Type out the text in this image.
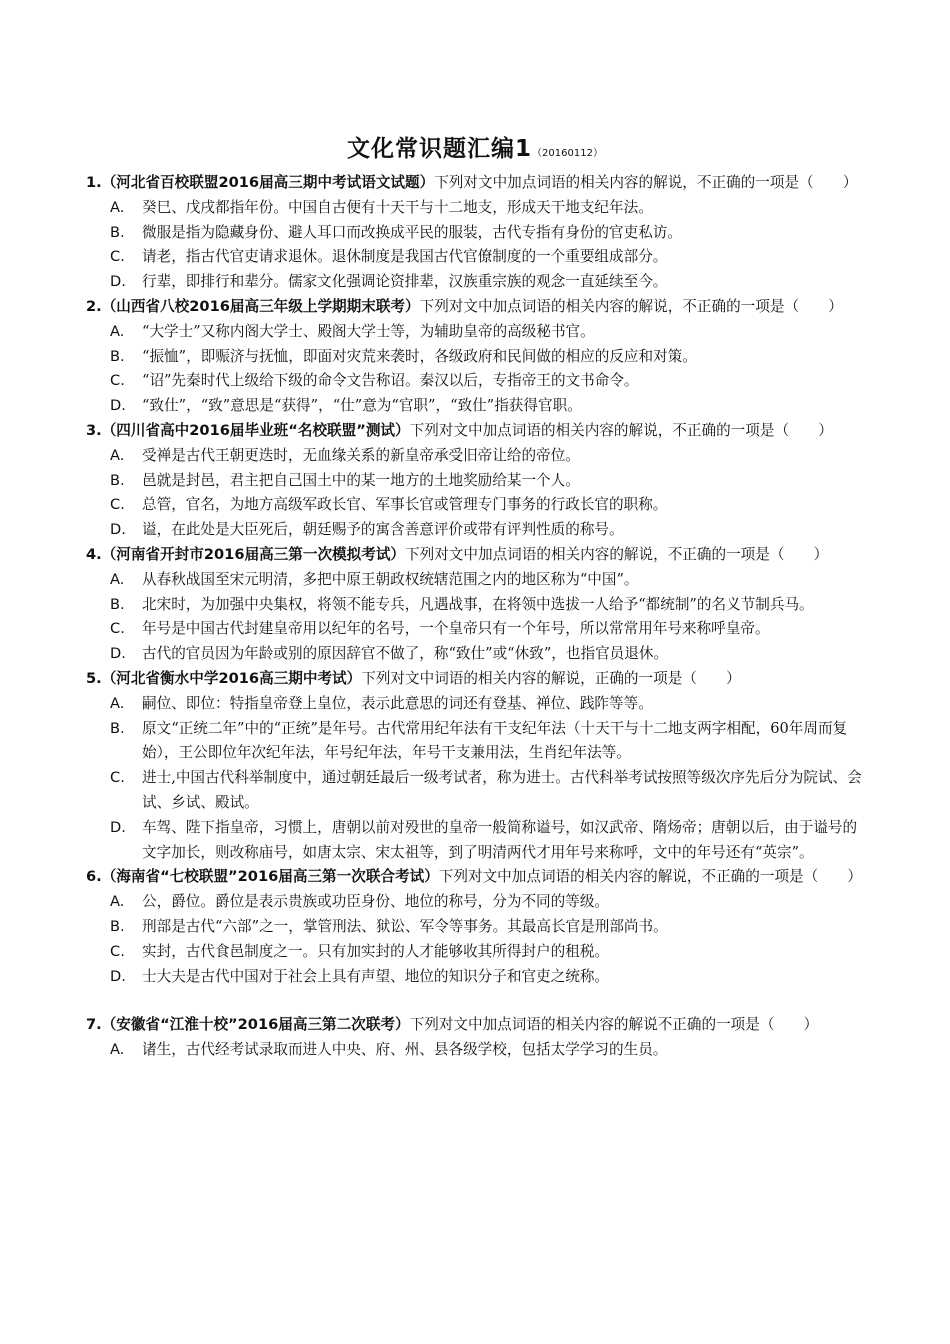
文化常识题汇编1（20160112）
1.（河北省百校联盟2016届高三期中考试语文试题）下列对文中加点词语的相关内容的解说，不正确的一项是（　　）
A. 癸巳、戊戌都指年份。中国自古便有十天干与十二地支，形成天干地支纪年法。
B. 微服是指为隐藏身份、避人耳口而改换成平民的服装，古代专指有身份的官吏私访。
C. 请老，指古代官吏请求退休。退休制度是我国古代官僚制度的一个重要组成部分。
D. 行辈，即排行和辈分。儒家文化强调论资排辈，汉族重宗族的观念一直延续至今。
2.（山西省八校2016届高三年级上学期期末联考）下列对文中加点词语的相关内容的解说，不正确的一项是（　　）
A. “大学士”又称内阁大学士、殿阁大学士等，为辅助皇帝的高级秘书官。
B. “振恤”，即赈济与抚恤，即面对灾荒来袭时，各级政府和民间做的相应的反应和对策。
C. “诏”先秦时代上级给下级的命令文告称诏。秦汉以后，专指帝王的文书命令。
D. “致仕”，“致”意思是“获得”，“仕”意为“官职”，“致仕”指获得官职。
3.（四川省高中2016届毕业班“名校联盟”测试）下列对文中加点词语的相关内容的解说，不正确的一项是（　　）
A. 受禅是古代王朝更迭时，无血缘关系的新皇帝承受旧帝让给的帝位。
B. 邑就是封邑，君主把自己国土中的某一地方的土地奖励给某一个人。
C. 总管，官名，为地方高级军政长官、军事长官或管理专门事务的行政长官的职称。
D. 谥，在此处是大臣死后，朝廷赐予的寓含善意评价或带有评判性质的称号。
4.（河南省开封市2016届高三第一次模拟考试）下列对文中加点词语的相关内容的解说，不正确的一项是（　　）
A. 从春秋战国至宋元明清，多把中原王朝政权统辖范围之内的地区称为“中国”。
B. 北宋时，为加强中央集权，将领不能专兵，凡遇战事，在将领中选拔一人给予“都统制”的名义节制兵马。
C. 年号是中国古代封建皇帝用以纪年的名号，一个皇帝只有一个年号，所以常常用年号来称呼皇帝。
D. 古代的官员因为年龄或别的原因辞官不做了，称“致仕”或“休致”，也指官员退休。
5.（河北省衡水中学2016高三期中考试）下列对文中词语的相关内容的解说，正确的一项是（　　）
A. 嗣位、即位：特指皇帝登上皇位，表示此意思的词还有登基、禅位、践阼等等。
B. 原文“正统二年”中的“正统”是年号。古代常用纪年法有干支纪年法（十天干与十二地支两字相配，60年周而复始），王公即位年次纪年法，年号纪年法，年号干支兼用法，生肖纪年法等。
C. 进士,中国古代科举制度中，通过朝廷最后一级考试者，称为进士。古代科举考试按照等级次序先后分为院试、会试、乡试、殿试。
D. 车驾、陛下指皇帝，习惯上，唐朝以前对殁世的皇帝一般简称谥号，如汉武帝、隋炀帝；唐朝以后，由于谥号的文字加长，则改称庙号，如唐太宗、宋太祖等，到了明清两代才用年号来称呼，文中的年号还有“英宗”。
6.（海南省“七校联盟”2016届高三第一次联合考试）下列对文中加点词语的相关内容的解说，不正确的一项是（　　）
A. 公，爵位。爵位是表示贵族或功臣身份、地位的称号，分为不同的等级。
B. 刑部是古代“六部”之一，掌管刑法、狱讼、军令等事务。其最高长官是刑部尚书。
C. 实封，古代食邑制度之一。只有加实封的人才能够收其所得封户的租税。
D. 士大夫是古代中国对于社会上具有声望、地位的知识分子和官吏之统称。
7.（安徽省“江淮十校”2016届高三第二次联考）下列对文中加点词语的相关内容的解说不正确的一项是（　　）
A. 诸生，古代经考试录取而进人中央、府、州、县各级学校，包括太学学习的生员。
